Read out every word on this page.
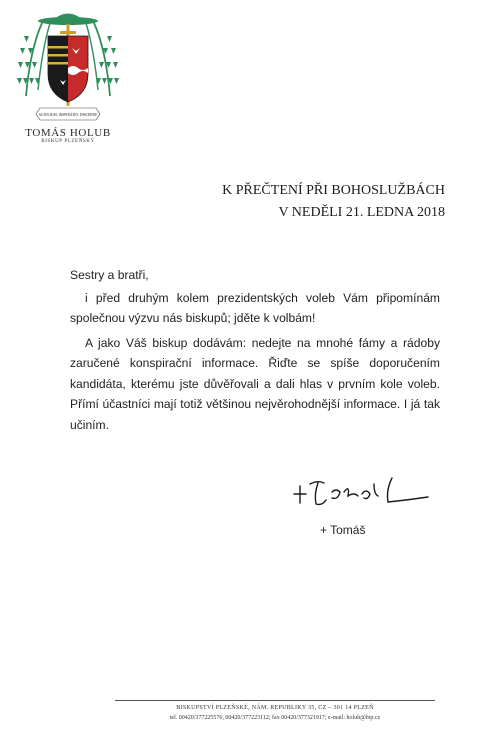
AUXILIUM, INSPIRATIO, DISCERNE
TOMÁS HOLUB
BISKUP PLZEŇSKÝ
K PŘEČTENÍ PŘI BOHOSLUŽBÁCH
V NEDĚLI 21. LEDNA 2018

Sestry a bratři,

i před druhým kolem prezidentských voleb Vám připomínám společnou výzvu nás biskupů; jděte k volbám!

A jako Váš biskup dodávám: nedejte na mnohé fámy a rádoby zaručené konspirační informace. Řiďte se spíše doporučením kandidáta, kterému jste důvěřovali a dali hlas v prvním kole voleb. Přímí účastníci mají totiž většinou nejvěrohodnější informace. I já tak učiním.

+ Tomáš
BISKUPSTVÍ PLZEŇSKÉ, NÁM. REPUBLIKY 35, CZ – 301 14 PLZEŇ
tel. 00420/377225576, 00420/377223112; fax 00420/377321917; e-mail: holub@bip.cz
